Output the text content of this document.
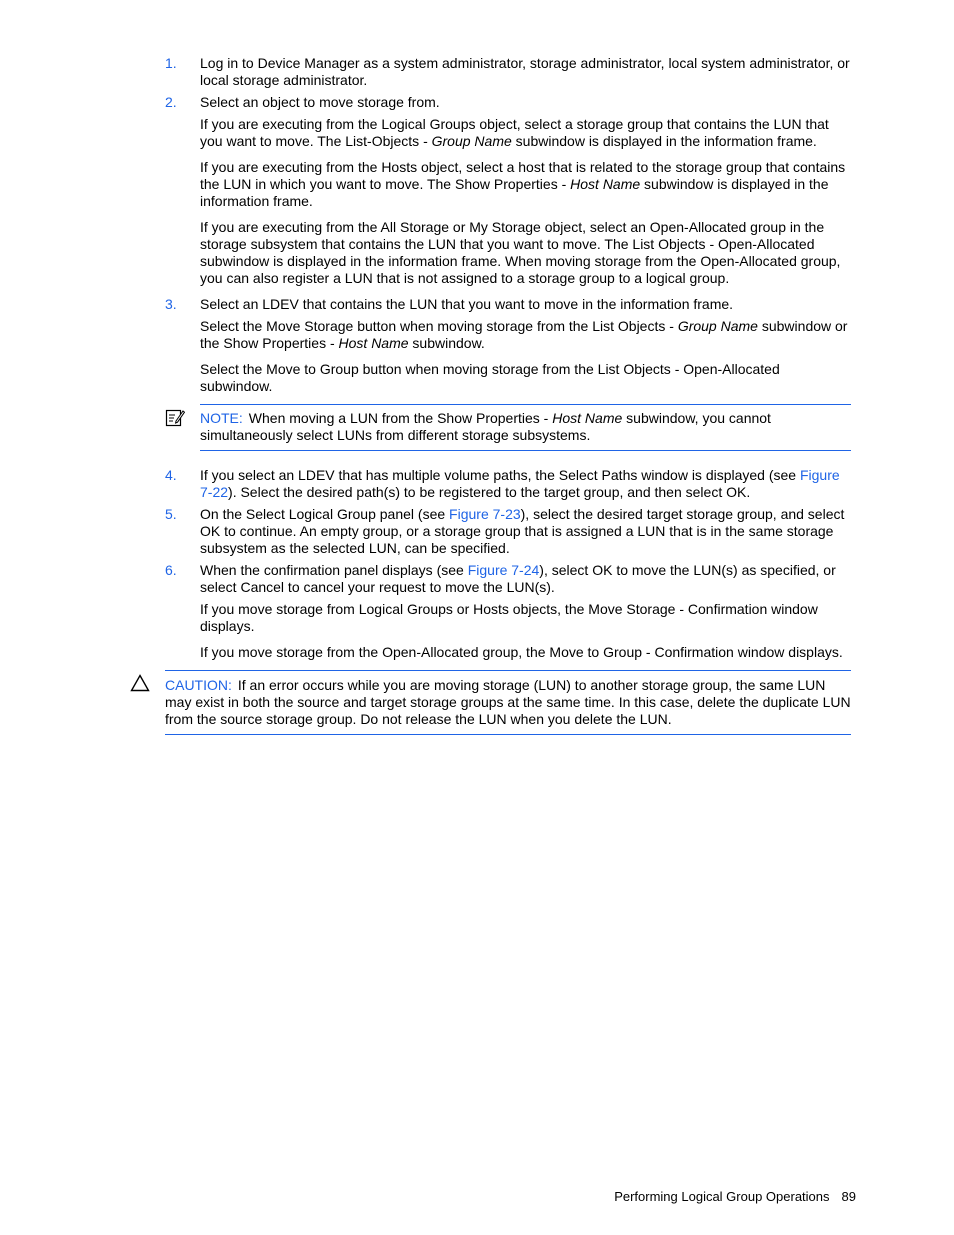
1. Log in to Device Manager as a system administrator, storage administrator, local system administrator, or local storage administrator.
2. Select an object to move storage from.
If you are executing from the Logical Groups object, select a storage group that contains the LUN that you want to move. The List-Objects - Group Name subwindow is displayed in the information frame.
If you are executing from the Hosts object, select a host that is related to the storage group that contains the LUN in which you want to move. The Show Properties - Host Name subwindow is displayed in the information frame.
If you are executing from the All Storage or My Storage object, select an Open-Allocated group in the storage subsystem that contains the LUN that you want to move. The List Objects - Open-Allocated subwindow is displayed in the information frame. When moving storage from the Open-Allocated group, you can also register a LUN that is not assigned to a storage group to a logical group.
3. Select an LDEV that contains the LUN that you want to move in the information frame.
Select the Move Storage button when moving storage from the List Objects - Group Name subwindow or the Show Properties - Host Name subwindow.
Select the Move to Group button when moving storage from the List Objects - Open-Allocated subwindow.
NOTE: When moving a LUN from the Show Properties - Host Name subwindow, you cannot simultaneously select LUNs from different storage subsystems.
4. If you select an LDEV that has multiple volume paths, the Select Paths window is displayed (see Figure 7-22). Select the desired path(s) to be registered to the target group, and then select OK.
5. On the Select Logical Group panel (see Figure 7-23), select the desired target storage group, and select OK to continue. An empty group, or a storage group that is assigned a LUN that is in the same storage subsystem as the selected LUN, can be specified.
6. When the confirmation panel displays (see Figure 7-24), select OK to move the LUN(s) as specified, or select Cancel to cancel your request to move the LUN(s).
If you move storage from Logical Groups or Hosts objects, the Move Storage - Confirmation window displays.
If you move storage from the Open-Allocated group, the Move to Group - Confirmation window displays.
CAUTION: If an error occurs while you are moving storage (LUN) to another storage group, the same LUN may exist in both the source and target storage groups at the same time. In this case, delete the duplicate LUN from the source storage group. Do not release the LUN when you delete the LUN.
Performing Logical Group Operations 89
